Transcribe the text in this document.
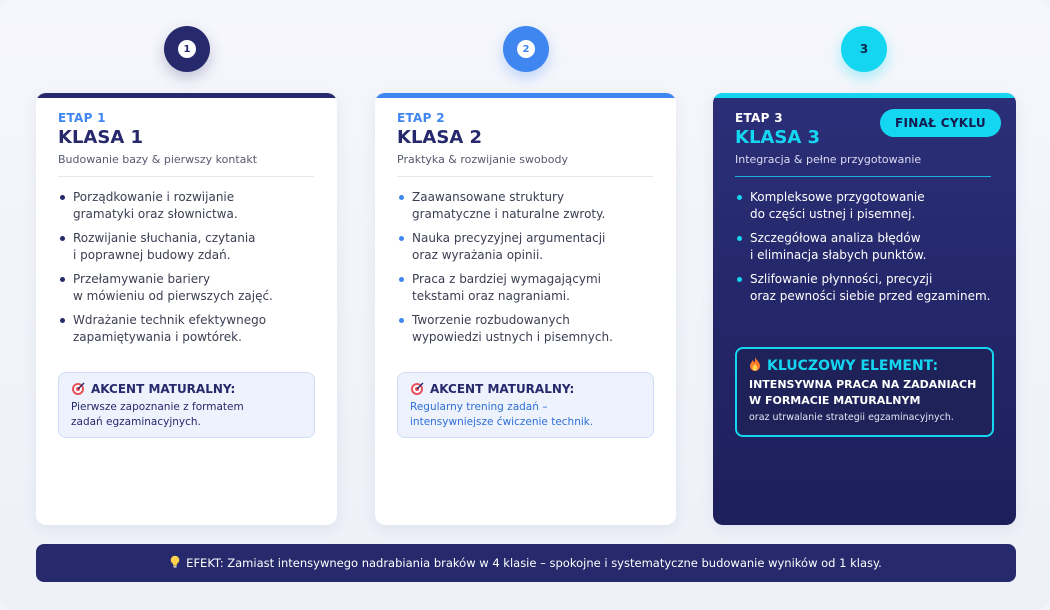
1	2	3
ETAP 1
KLASA 1
Budowanie bazy & pierwszy kontakt
Porządkowanie i rozwijanie
gramatyki oraz słownictwa.
Rozwijanie słuchania, czytania
i poprawnej budowy zdań.
Przełamywanie bariery
w mówieniu od pierwszych zajęć.
Wdrażanie technik efektywnego
zapamiętywania i powtórek.
AKCENT MATURALNY:
Pierwsze zapoznanie z formatem
zadań egzaminacyjnych.
ETAP 2
KLASA 2
Praktyka & rozwijanie swobody
Zaawansowane struktury
gramatyczne i naturalne zwroty.
Nauka precyzyjnej argumentacji
oraz wyrażania opinii.
Praca z bardziej wymagającymi
tekstami oraz nagraniami.
Tworzenie rozbudowanych
wypowiedzi ustnych i pisemnych.
AKCENT MATURALNY:
Regularny trening zadań –
intensywniejsze ćwiczenie technik.
ETAP 3	FINAŁ CYKLU
KLASA 3
Integracja & pełne przygotowanie
Kompleksowe przygotowanie
do części ustnej i pisemnej.
Szczegółowa analiza błędów
i eliminacja słabych punktów.
Szlifowanie płynności, precyzji
oraz pewności siebie przed egzaminem.
KLUCZOWY ELEMENT:
INTENSYWNA PRACA NA ZADANIACH
W FORMACIE MATURALNYM
oraz utrwalanie strategii egzaminacyjnych.
EFEKT: Zamiast intensywnego nadrabiania braków w 4 klasie – spokojne i systematyczne budowanie wyników od 1 klasy.
